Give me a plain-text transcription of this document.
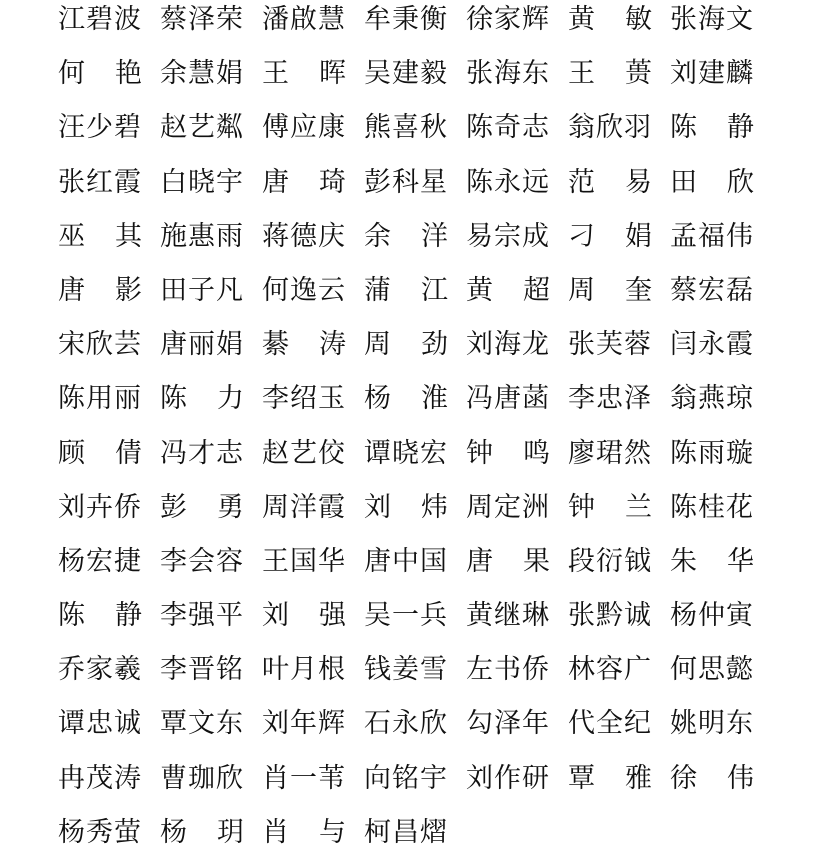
江碧波 蔡泽荣 潘啟慧 牟秉衡 徐家辉 黄 敏 张海文
何 艳 余慧娟 王 晖 吴建毅 张海东 王 蒉 刘建麟
汪少碧 赵艺粼 傅应康 熊喜秋 陈奇志 翁欣羽 陈 静
张红霞 白晓宇 唐 琦 彭科星 陈永远 范 易 田 欣
巫 其 施惠雨 蒋德庆 余 洋 易宗成 刁 娟 孟福伟
唐 影 田子凡 何逸云 蒲 江 黄 超 周 奎 蔡宏磊
宋欣芸 唐丽娟 綦 涛 周 劲 刘海龙 张芙蓉 闫永霞
陈用丽 陈 力 李绍玉 杨 淮 冯唐菡 李忠泽 翁燕琼
顾 倩 冯才志 赵艺佼 谭晓宏 钟 鸣 廖珺然 陈雨璇
刘卉侨 彭 勇 周洋霞 刘 炜 周定洲 钟 兰 陈桂花
杨宏捷 李会容 王国华 唐中国 唐 果 段衍钺 朱 华
陈 静 李强平 刘 强 吴一兵 黄继琳 张黔诚 杨仲寅
乔家羲 李晋铭 叶月根 钱姜雪 左书侨 林容广 何思懿
谭忠诚 覃文东 刘年辉 石永欣 勾泽年 代全纪 姚明东
冉茂涛 曹珈欣 肖一苇 向铭宇 刘作研 覃 雅 徐 伟
杨秀萤 杨 玥 肖 与 柯昌熠
